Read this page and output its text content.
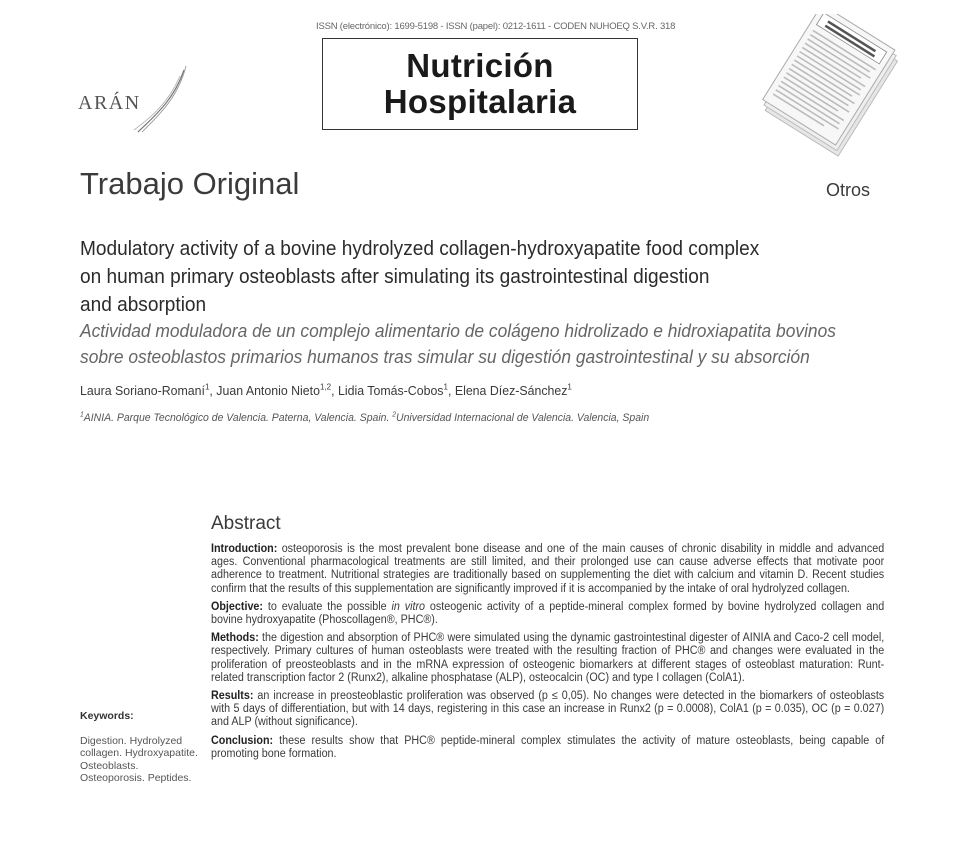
ISSN (electrónico): 1699-5198 - ISSN (papel): 0212-1611 - CODEN NUHOEQ S.V.R. 318
Nutrición
Hospitalaria
ARÁN
Trabajo Original	Otros
Modulatory activity of a bovine hydrolyzed collagen-hydroxyapatite food complex
on human primary osteoblasts after simulating its gastrointestinal digestion
and absorption
Actividad moduladora de un complejo alimentario de colágeno hidrolizado e hidroxiapatita bovinos
sobre osteoblastos primarios humanos tras simular su digestión gastrointestinal y su absorción
Laura Soriano-Romaní$^1$, Juan Antonio Nieto$^{1,2}$, Lidia Tomás-Cobos$^1$, Elena Díez-Sánchez$^1$
$^1$AINIA. Parque Tecnológico de Valencia. Paterna, Valencia. Spain. $^2$Universidad Internacional de Valencia. Valencia, Spain
Abstract

Introduction: osteoporosis is the most prevalent bone disease and one of the main causes of chronic disability in middle and advanced ages. Conventional pharmacological treatments are still limited, and their prolonged use can cause adverse effects that motivate poor adherence to treatment. Nutritional strategies are traditionally based on supplementing the diet with calcium and vitamin D. Recent studies confirm that the results of this supplementation are significantly improved if it is accompanied by the intake of oral hydrolyzed collagen.

Objective: to evaluate the possible in vitro osteogenic activity of a peptide-mineral complex formed by bovine hydrolyzed collagen and bovine hydroxyapatite (Phoscollagen®, PHC®).

Methods: the digestion and absorption of PHC® were simulated using the dynamic gastrointestinal digester of AINIA and Caco-2 cell model, respectively. Primary cultures of human osteoblasts were treated with the resulting fraction of PHC® and changes were evaluated in the proliferation of preosteoblasts and in the mRNA expression of osteogenic biomarkers at different stages of osteoblast maturation: Runt-related transcription factor 2 (Runx2), alkaline phosphatase (ALP), osteocalcin (OC) and type I collagen (ColA1).

Results: an increase in preosteoblastic proliferation was observed (p ≤ 0,05). No changes were detected in the biomarkers of osteoblasts with 5 days of differentiation, but with 14 days, registering in this case an increase in Runx2 (p = 0.0008), ColA1 (p = 0.035), OC (p = 0.027) and ALP (without significance).

Conclusion: these results show that PHC® peptide-mineral complex stimulates the activity of mature osteoblasts, being capable of promoting bone formation.

Keywords:
Digestion. Hydrolyzed collagen. Hydroxyapatite. Osteoblasts. Osteoporosis. Peptides.
